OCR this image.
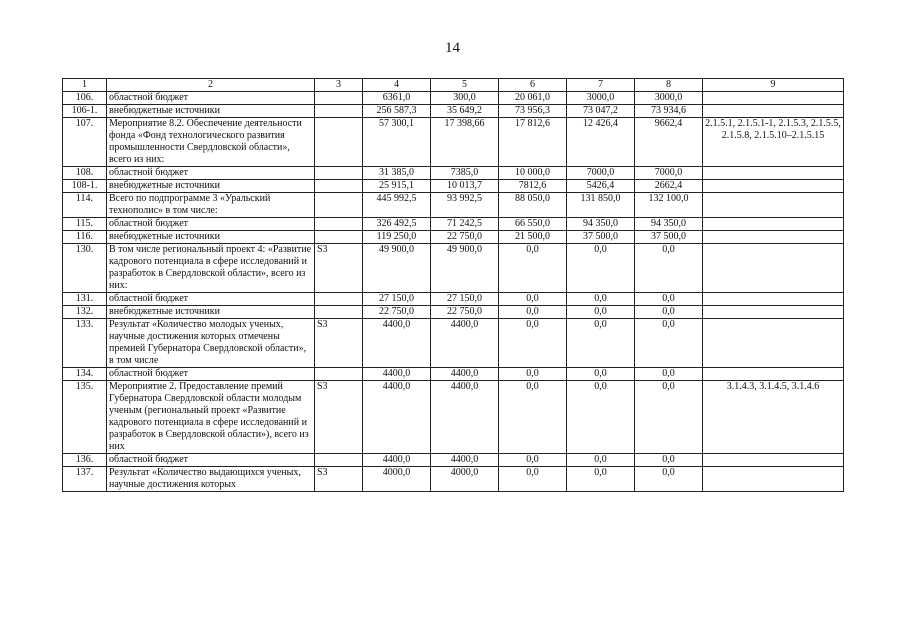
14
1	2	3	4	5	6	7	8	9
106.	областной бюджет		6361,0	300,0	20 061,0	3000,0	3000,0	
106-1.	внебюджетные источники		256 587,3	35 649,2	73 956,3	73 047,2	73 934,6	
107.	Мероприятие 8.2. Обеспечение деятельности фонда «Фонд технологического развития промышленности Свердловской области», всего из них:		57 300,1	17 398,66	17 812,6	12 426,4	9662,4	2.1.5.1, 2.1.5.1-1, 2.1.5.3, 2.1.5.5, 2.1.5.8, 2.1.5.10–2.1.5.15
108.	областной бюджет		31 385,0	7385,0	10 000,0	7000,0	7000,0	
108-1.	внебюджетные источники		25 915,1	10 013,7	7812,6	5426,4	2662,4	
114.	Всего по подпрограмме 3 «Уральский технополис» в том числе:		445 992,5	93 992,5	88 050,0	131 850,0	132 100,0	
115.	областной бюджет		326 492,5	71 242,5	66 550,0	94 350,0	94 350,0	
116.	внебюджетные источники		119 250,0	22 750,0	21 500,0	37 500,0	37 500,0	
130.	В том числе региональный проект 4: «Развитие кадрового потенциала в сфере исследований и разработок в Свердловской области», всего из них:	S3	49 900,0	49 900,0	0,0	0,0	0,0	
131.	областной бюджет		27 150,0	27 150,0	0,0	0,0	0,0	
132.	внебюджетные источники		22 750,0	22 750,0	0,0	0,0	0,0	
133.	Результат «Количество молодых ученых, научные достижения которых отмечены премией Губернатора Свердловской области», в том числе	S3	4400,0	4400,0	0,0	0,0	0,0	
134.	областной бюджет		4400,0	4400,0	0,0	0,0	0,0	
135.	Мероприятие 2. Предоставление премий Губернатора Свердловской области молодым ученым (региональный проект «Развитие кадрового потенциала в сфере исследований и разработок в Свердловской области»), всего из них	S3	4400,0	4400,0	0,0	0,0	0,0	3.1.4.3, 3.1.4.5, 3.1.4.6
136.	областной бюджет		4400,0	4400,0	0,0	0,0	0,0	
137.	Результат «Количество выдающихся ученых, научные достижения которых	S3	4000,0	4000,0	0,0	0,0	0,0	
